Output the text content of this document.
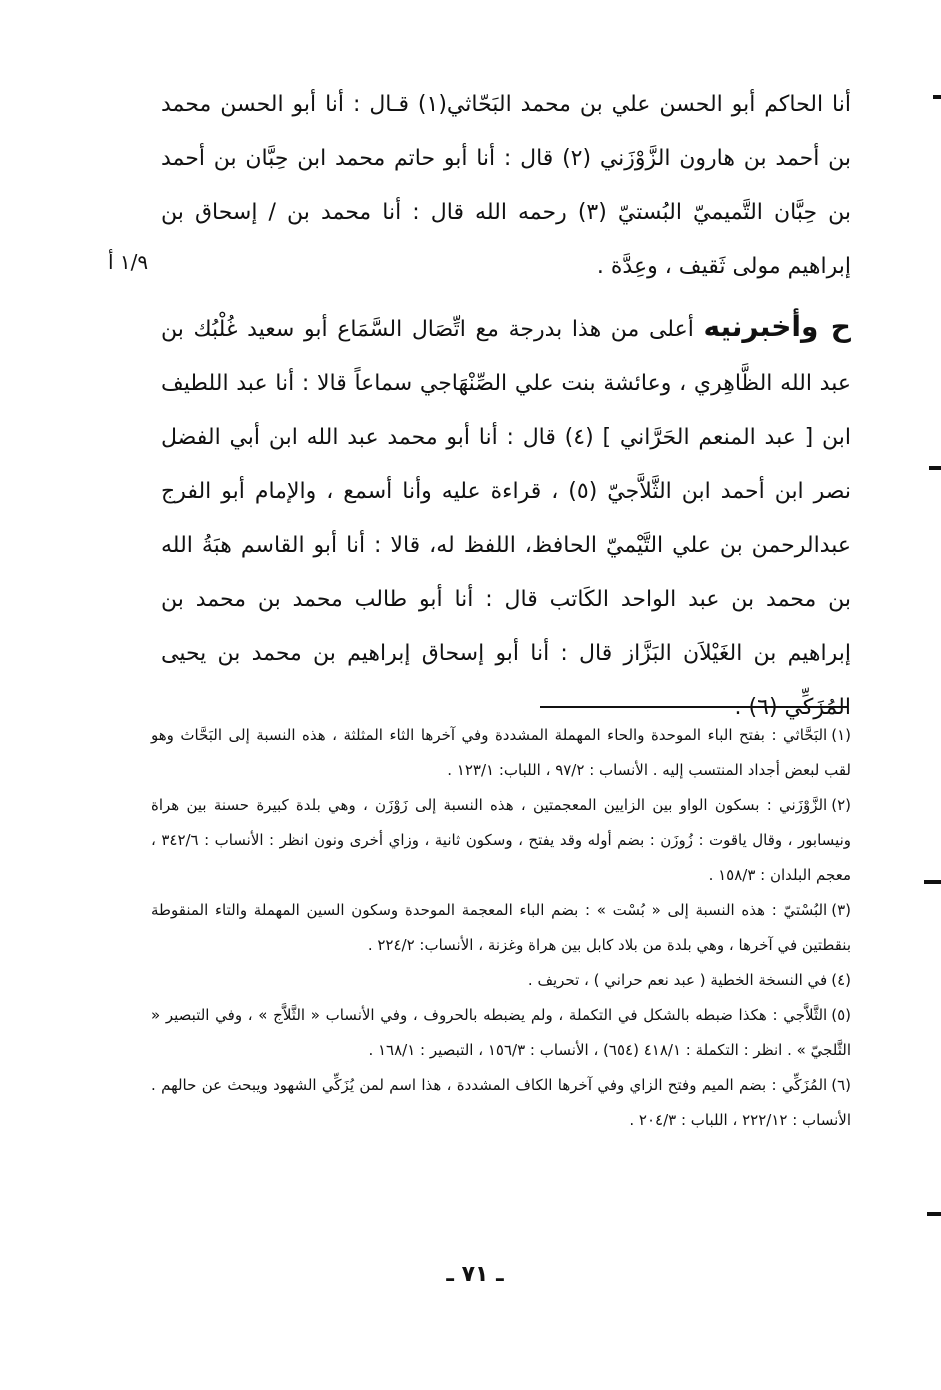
أنا الحاكم أبو الحسن علي بن محمد البَحّاثي(١) قـال : أنا أبو الحسن محمد بن أحمد بن هارون الزَّوْزَني (٢) قال : أنا أبو حاتم محمد ابن حِبَّان بن أحمد بن حِبَّان التَّميميّ البُستيّ (٣) رحمه الله قال : أنا محمد بن / إسحاق بن إبراهيم مولى ثَقيف ، وعِدَّة .

ح وأخبرنيه أعلى من هذا بدرجة مع اتِّصَال السَّمَاع أبو سعيد غُلْبُك بن عبد الله الظَّاهِري ، وعائشة بنت علي الصِّنْهَاجي سماعاً قالا : أنا عبد اللطيف ابن [ عبد المنعم الحَرَّاني ] (٤) قال : أنا أبو محمد عبد الله ابن أبي الفضل نصر ابن أحمد ابن الثَّلاَّجيّ (٥) ، قراءة عليه وأنا أسمع ، والإمام أبو الفرج عبدالرحمن بن علي التَّيْميّ الحافظ، اللفظ له، قالا : أنا أبو القاسم هبَةُ الله بن محمد بن عبد الواحد الكَاتب قال : أنا أبو طالب محمد بن محمد بن إبراهيم بن الغَيْلاَن البَزَّاز قال : أنا أبو إسحاق إبراهيم بن محمد بن يحيى المُزَكِّي (٦) .

١/٩ أ

(١)البَحَّاثي : بفتح الباء الموحدة والحاء المهملة المشددة وفي آخرها الثاء المثلثة ، هذه النسبة إلى البَحَّاث وهو لقب لبعض أجداد المنتسب إليه . الأنساب : ٩٧/٢ ، اللباب: ١٢٣/١ .

(٢)الزَّوْزَني : بسكون الواو بين الزايين المعجمتين ، هذه النسبة إلى زَوْزَن ، وهي بلدة كبيرة حسنة بين هراة ونيسابور ، وقال ياقوت : زُوزَن : بضم أوله وقد يفتح ، وسكون ثانية ، وزاي أخرى ونون انظر : الأنساب : ٣٤٢/٦ ، معجم البلدان : ١٥٨/٣ .

(٣)البُسْتيّ : هذه النسبة إلى « بُسْت » : بضم الباء المعجمة الموحدة وسكون السين المهملة والتاء المنقوطة بنقطتين في آخرها ، وهي بلدة من بلاد كابل بين هراة وغزنة ، الأنساب: ٢٢٤/٢ .

(٤)في النسخة الخطية ( عبد نعم حراني ) ، تحريف .

(٥)الثَّلاَّجي : هكذا ضبطه بالشكل في التكملة ، ولم يضبطه بالحروف ، وفي الأنساب « الثَّلاَّج » ، وفي التبصير « الثَّلجيّ » . انظر : التكملة : ٤١٨/١ (٦٥٤) ، الأنساب : ١٥٦/٣ ، التبصير : ١٦٨/١ .

(٦)المُزَكِّي : بضم الميم وفتح الزاي وفي آخرها الكاف المشددة ، هذا اسم لمن يُزَكِّي الشهود ويبحث عن حالهم . الأنساب : ٢٢٢/١٢ ، اللباب : ٢٠٤/٣ .

ـ ٧١ ـ
